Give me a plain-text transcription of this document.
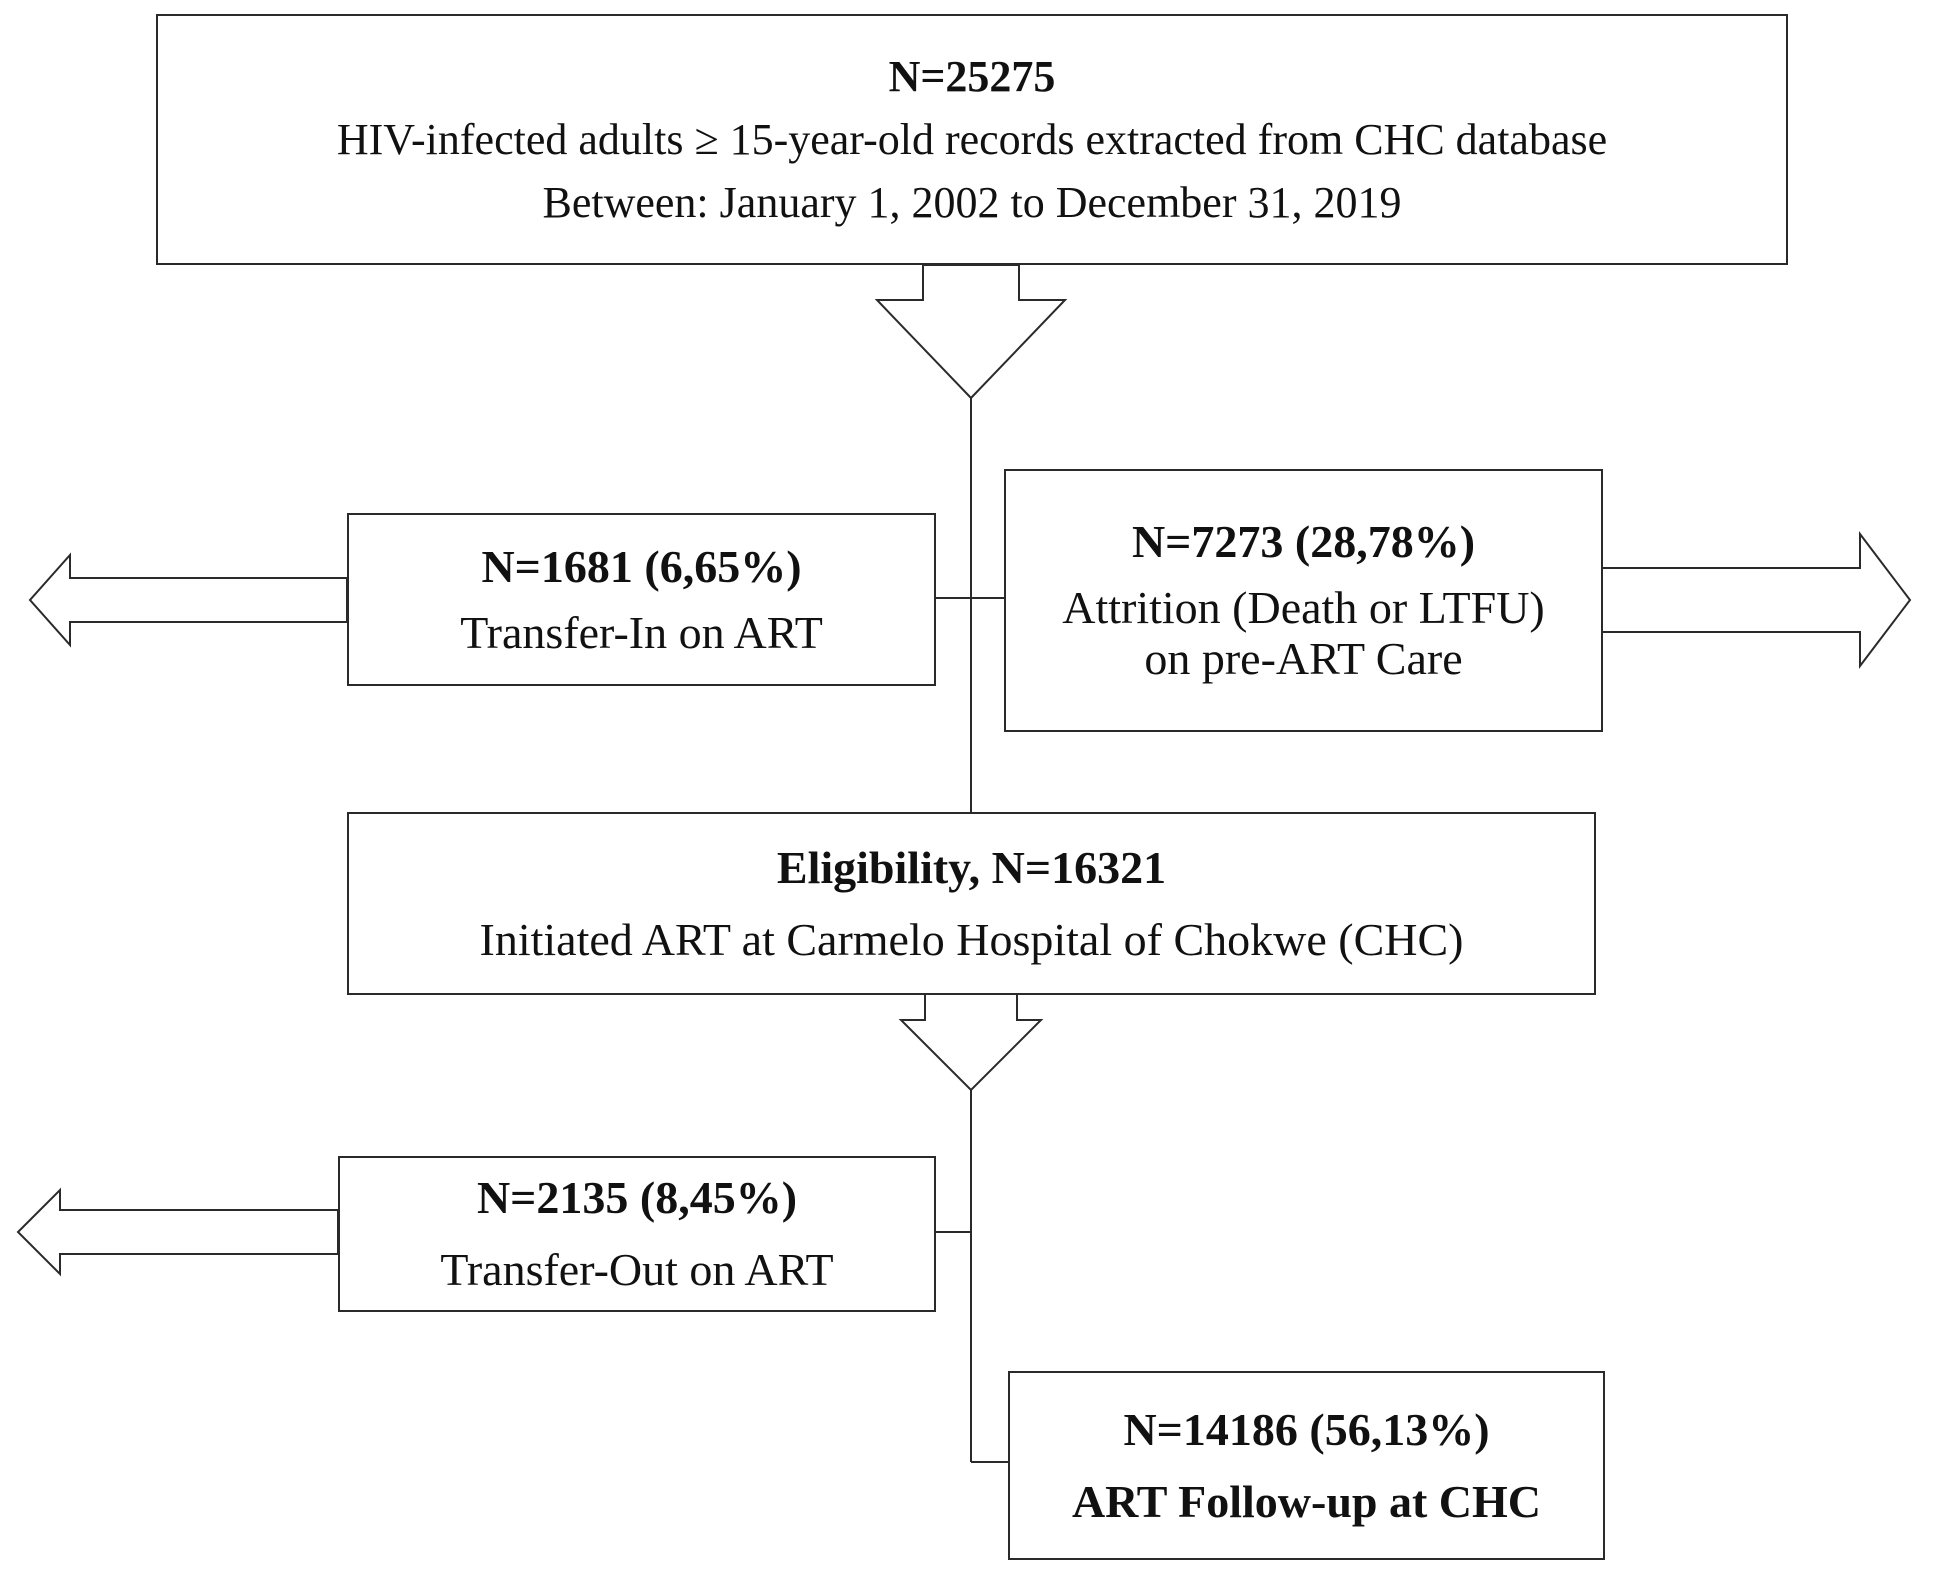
N=25275
HIV-infected adults ≥ 15-year-old records extracted from CHC database
Between: January 1, 2002 to December 31, 2019
N=1681 (6,65%)
Transfer-In on ART
N=7273 (28,78%)
Attrition (Death or LTFU)
on pre-ART Care
Eligibility, N=16321
Initiated ART at Carmelo Hospital of Chokwe (CHC)
N=2135 (8,45%)
Transfer-Out on ART
N=14186 (56,13%)
ART Follow-up at CHC
